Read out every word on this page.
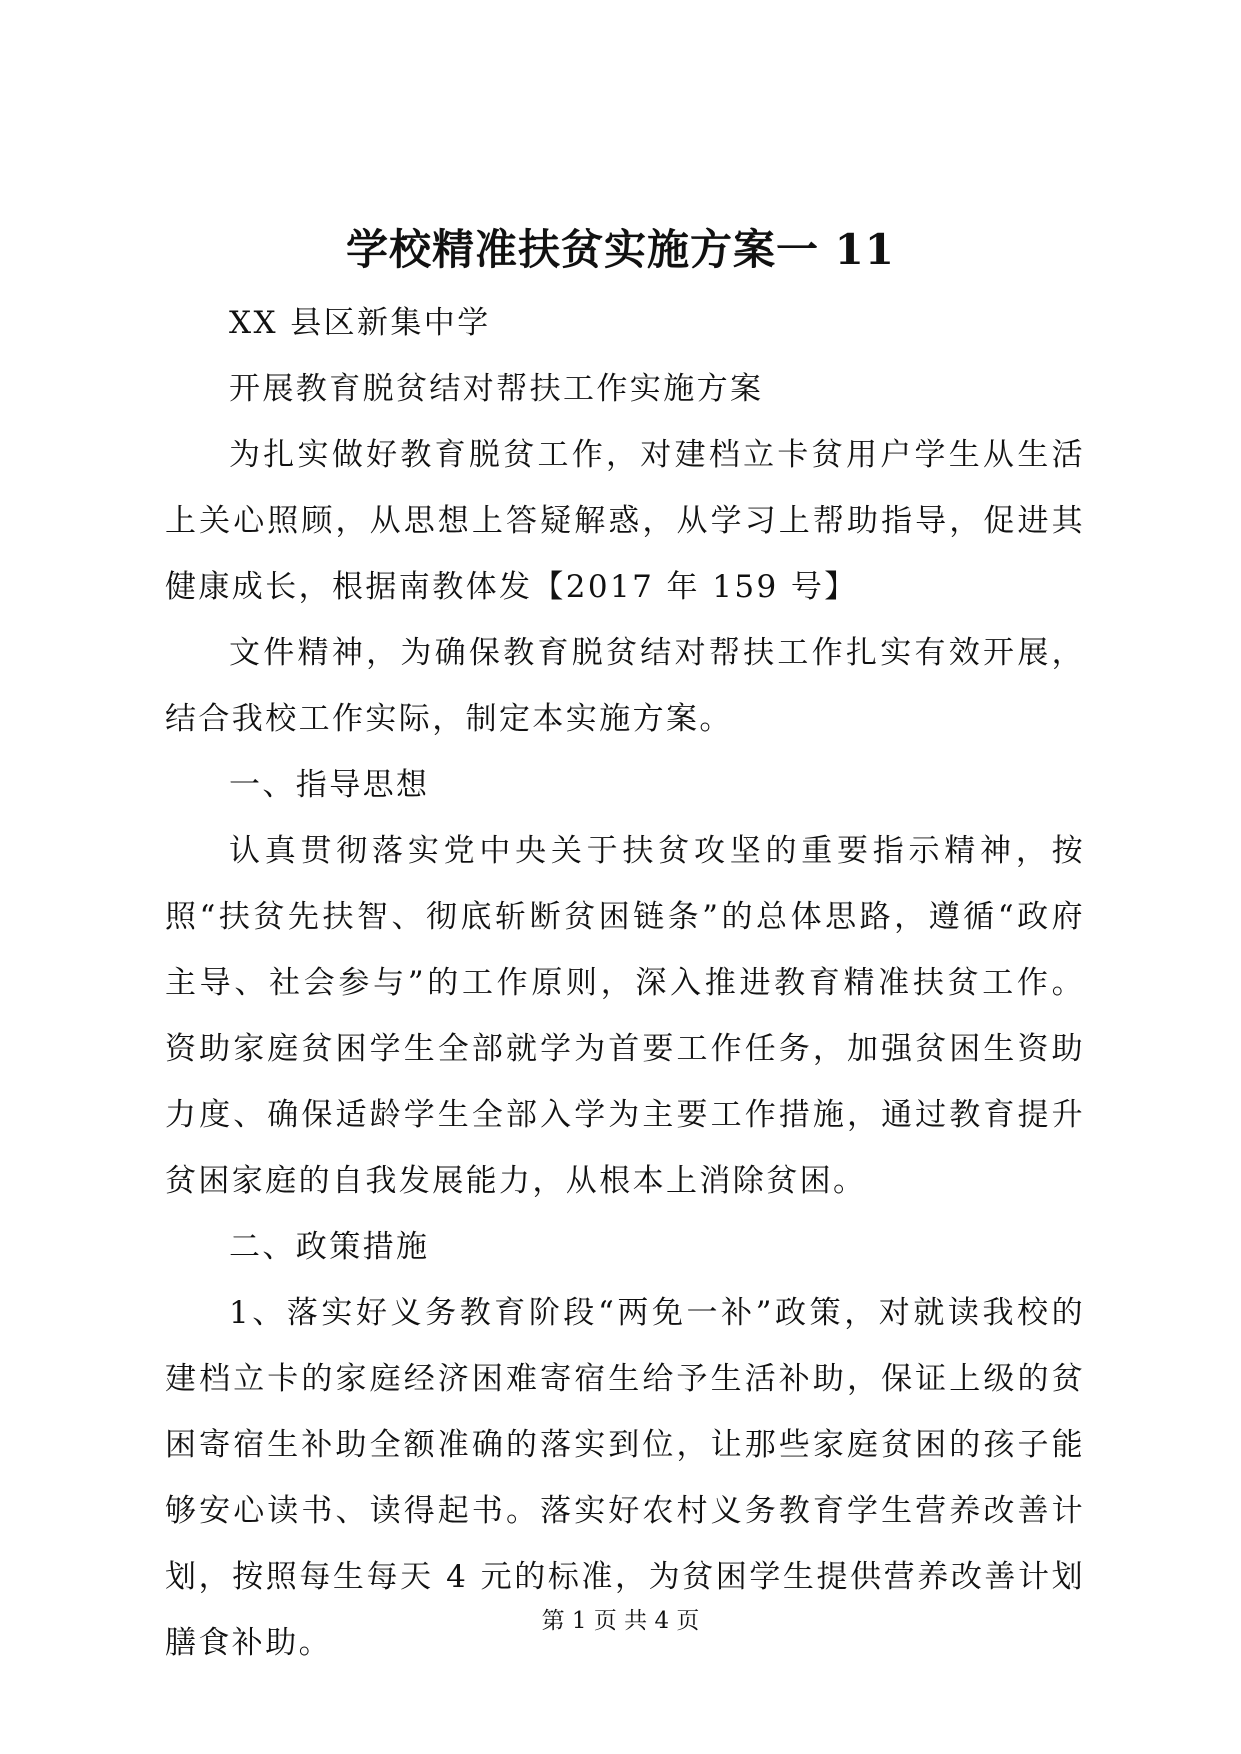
学校精准扶贫实施方案一 11

XX 县区新集中学

开展教育脱贫结对帮扶工作实施方案

为扎实做好教育脱贫工作，对建档立卡贫用户学生从生活上关心照顾，从思想上答疑解惑，从学习上帮助指导，促进其健康成长，根据南教体发【2017 年 159 号】

文件精神，为确保教育脱贫结对帮扶工作扎实有效开展，结合我校工作实际，制定本实施方案。

一、指导思想

认真贯彻落实党中央关于扶贫攻坚的重要指示精神，按照“扶贫先扶智、彻底斩断贫困链条”的总体思路，遵循“政府主导、社会参与”的工作原则，深入推进教育精准扶贫工作。资助家庭贫困学生全部就学为首要工作任务，加强贫困生资助力度、确保适龄学生全部入学为主要工作措施，通过教育提升贫困家庭的自我发展能力，从根本上消除贫困。

二、政策措施

1、落实好义务教育阶段“两免一补”政策，对就读我校的建档立卡的家庭经济困难寄宿生给予生活补助，保证上级的贫困寄宿生补助全额准确的落实到位，让那些家庭贫困的孩子能够安心读书、读得起书。落实好农村义务教育学生营养改善计划，按照每生每天 4 元的标准，为贫困学生提供营养改善计划膳食补助。

第 1 页 共 4 页
